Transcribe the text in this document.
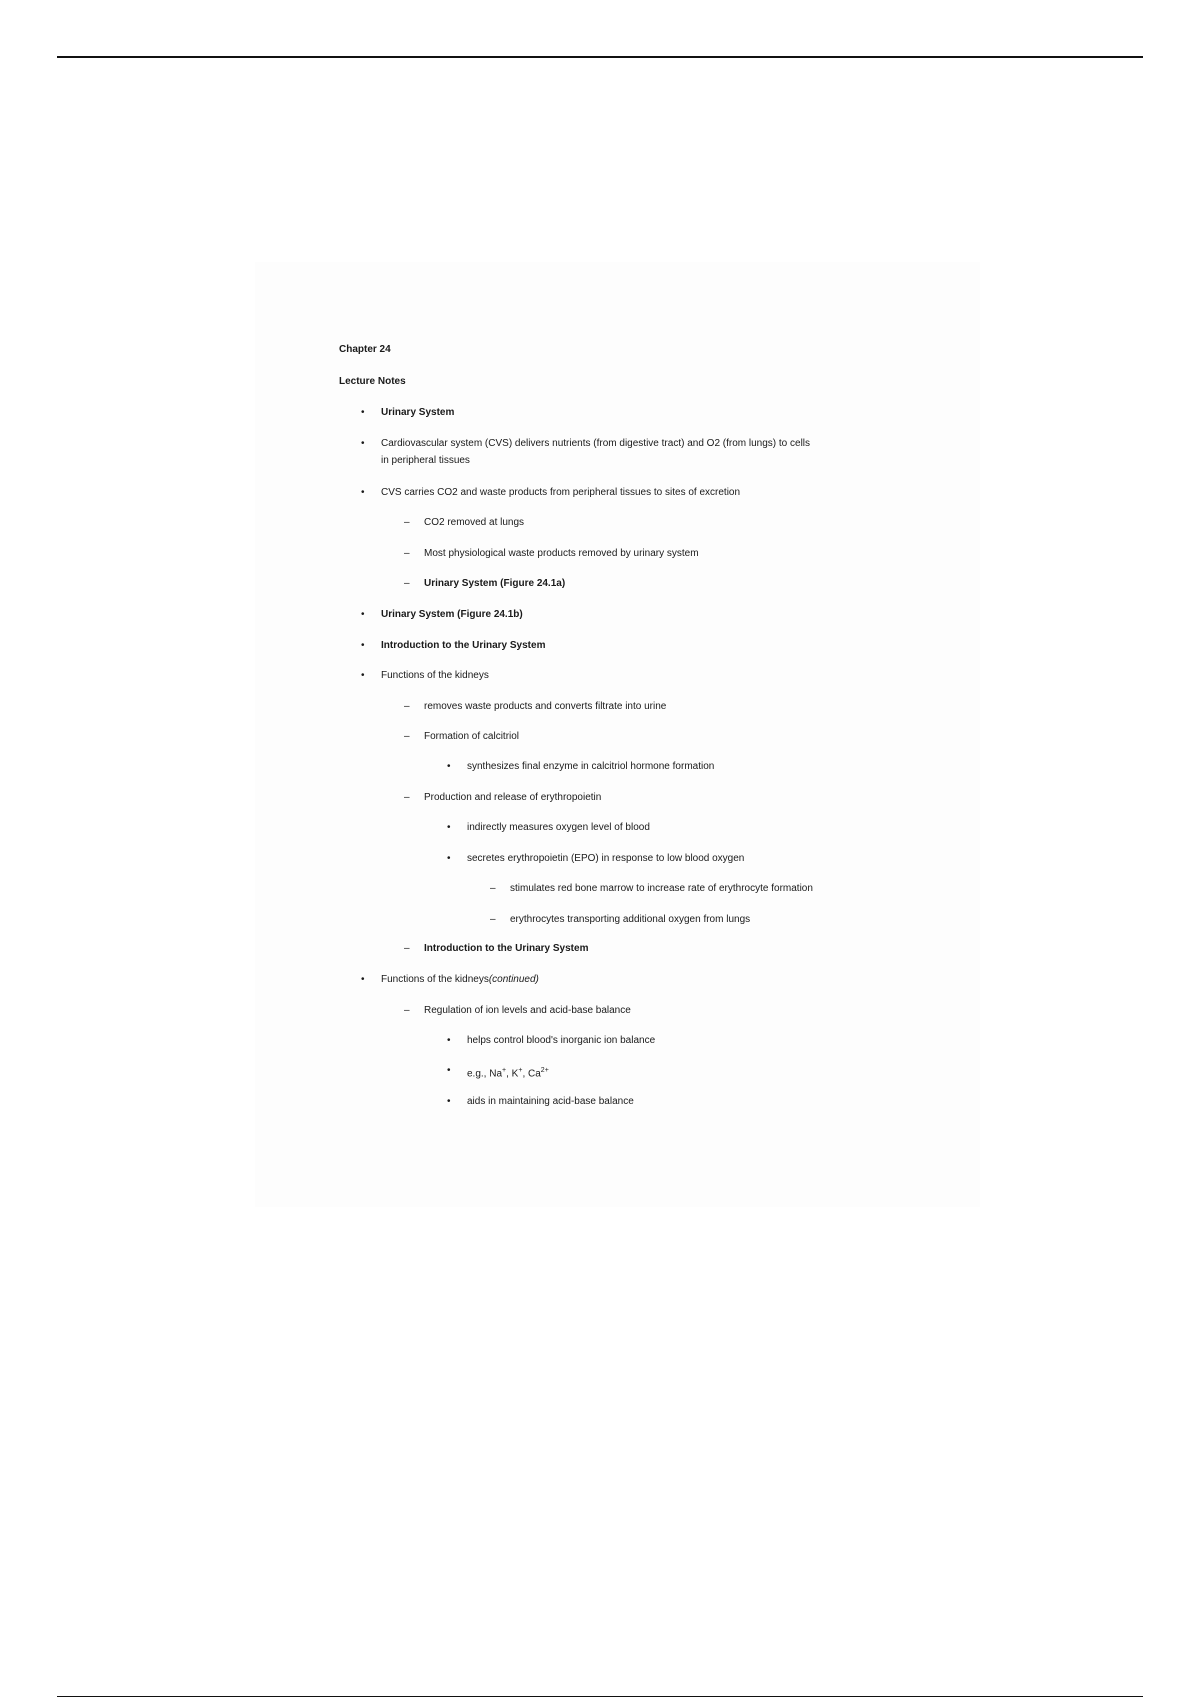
Chapter 24
Lecture Notes
• Urinary System
• Cardiovascular system (CVS) delivers nutrients (from digestive tract) and O2 (from lungs) to cells
in peripheral tissues
• CVS carries CO2 and waste products from peripheral tissues to sites of excretion
– CO2 removed at lungs
– Most physiological waste products removed by urinary system
– Urinary System (Figure 24.1a)
• Urinary System (Figure 24.1b)
• Introduction to the Urinary System
• Functions of the kidneys
– removes waste products and converts filtrate into urine
– Formation of calcitriol
• synthesizes final enzyme in calcitriol hormone formation
– Production and release of erythropoietin
• indirectly measures oxygen level of blood
• secretes erythropoietin (EPO) in response to low blood oxygen
– stimulates red bone marrow to increase rate of erythrocyte formation
– erythrocytes transporting additional oxygen from lungs
– Introduction to the Urinary System
• Functions of the kidneys(continued)
– Regulation of ion levels and acid-base balance
• helps control blood's inorganic ion balance
• e.g., Na+, K+, $Ca^{2+}$
• aids in maintaining acid-base balance
